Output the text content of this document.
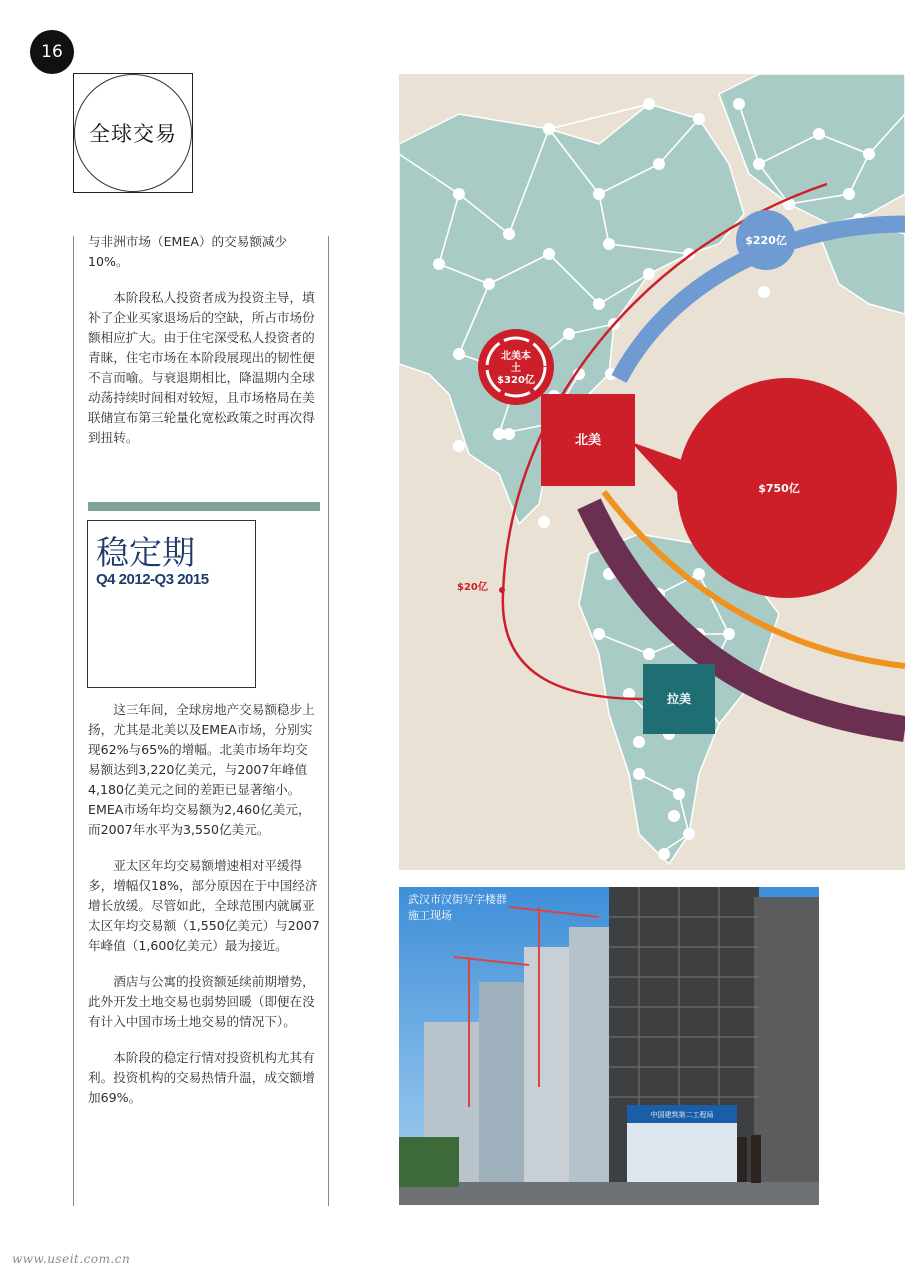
16
全球交易

与非洲市场（EMEA）的交易额减少10%。

本阶段私人投资者成为投资主导，填补了企业买家退场后的空缺，所占市场份额相应扩大。由于住宅深受私人投资者的青睐，住宅市场在本阶段展现出的韧性便不言而喻。与衰退期相比，降温期内全球动荡持续时间相对较短，且市场格局在美联储宣布第三轮量化宽松政策之时再次得到扭转。

稳定期
Q4 2012-Q3 2015

这三年间，全球房地产交易额稳步上扬，尤其是北美以及EMEA市场，分别实现62%与65%的增幅。北美市场年均交易额达到3,220亿美元，与2007年峰值4,180亿美元之间的差距已显著缩小。EMEA市场年均交易额为2,460亿美元，而2007年水平为3,550亿美元。

亚太区年均交易额增速相对平缓得多，增幅仅18%，部分原因在于中国经济增长放缓。尽管如此，全球范围内就属亚太区年均交易额（1,550亿美元）与2007年峰值（1,600亿美元）最为接近。

酒店与公寓的投资额延续前期增势，此外开发土地交易也弱势回暖（即便在没有计入中国市场土地交易的情况下）。

本阶段的稳定行情对投资机构尤其有利。投资机构的交易热情升温，成交额增加69%。

$220亿
$750亿
北美
北美本
土
$320亿
拉美
$20亿
中国建筑第二工程局
武汉市汉街写字楼群
施工现场
www.useit.com.cn
